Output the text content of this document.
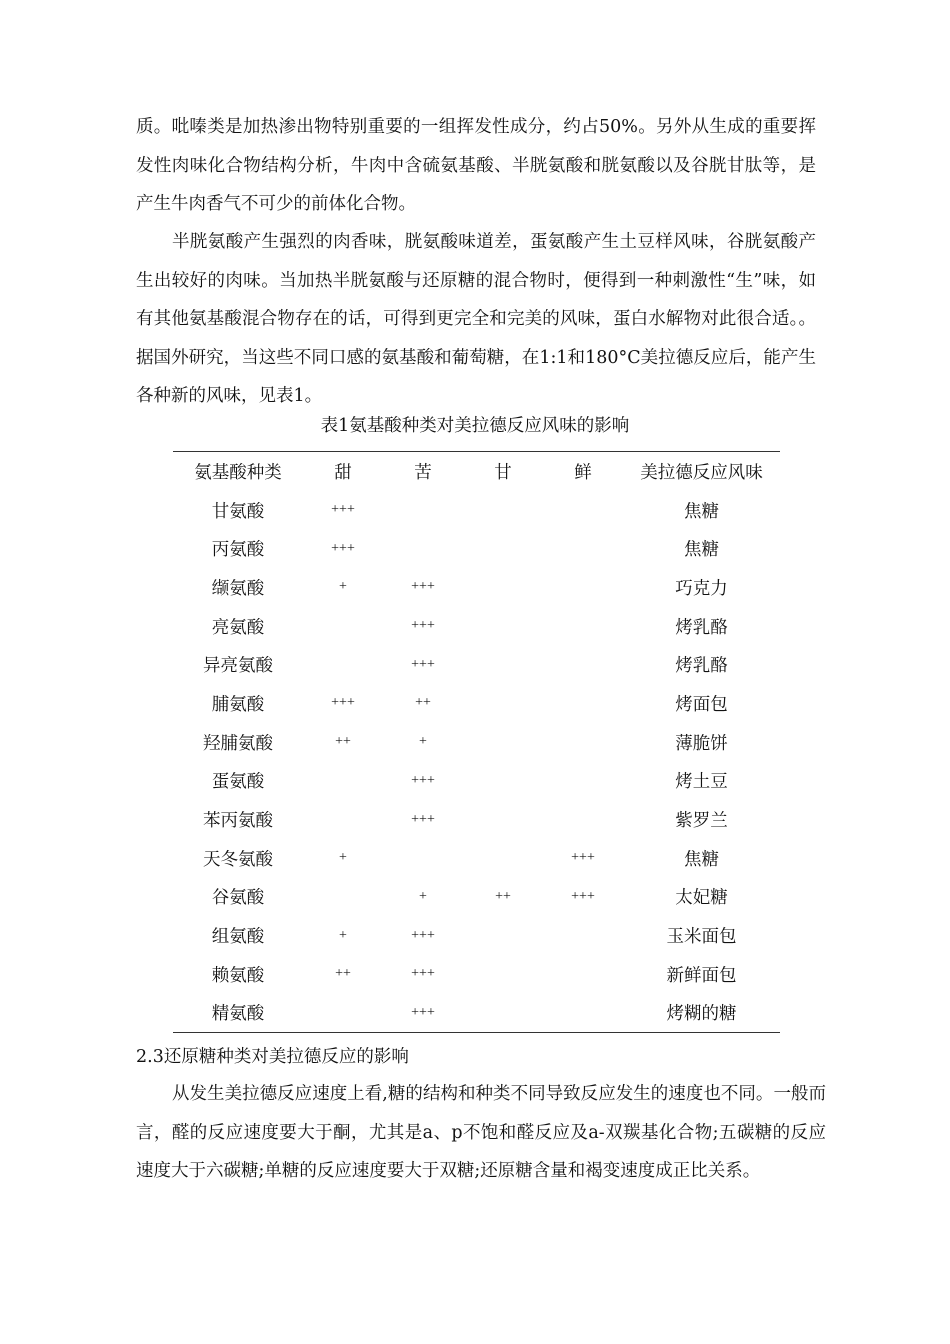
质。吡嗪类是加热渗出物特别重要的一组挥发性成分，约占50%。另外从生成的重要挥发性肉味化合物结构分析，牛肉中含硫氨基酸、半胱氨酸和胱氨酸以及谷胱甘肽等，是产生牛肉香气不可少的前体化合物。

半胱氨酸产生强烈的肉香味，胱氨酸味道差，蛋氨酸产生土豆样风味，谷胱氨酸产生出较好的肉味。当加热半胱氨酸与还原糖的混合物时，便得到一种刺激性“生”味，如有其他氨基酸混合物存在的话，可得到更完全和完美的风味，蛋白水解物对此很合适。。据国外研究，当这些不同口感的氨基酸和葡萄糖，在1:1和180°C美拉德反应后，能产生各种新的风味，见表1。

表1氨基酸种类对美拉德反应风味的影响
氨基酸种类	甜	苦	甘	鲜	美拉德反应风味
甘氨酸	+++				焦糖
丙氨酸	+++				焦糖
缬氨酸	+	+++			巧克力
亮氨酸		+++			烤乳酪
异亮氨酸		+++			烤乳酪
脯氨酸	+++	++			烤面包
羟脯氨酸	++	+			薄脆饼
蛋氨酸		+++			烤土豆
苯丙氨酸		+++			紫罗兰
天冬氨酸	+			+++	焦糖
谷氨酸		+	++	+++	太妃糖
组氨酸	+	+++			玉米面包
赖氨酸	++	+++			新鲜面包
精氨酸		+++			烤糊的糖

2.3还原糖种类对美拉德反应的影响

从发生美拉德反应速度上看,糖的结构和种类不同导致反应发生的速度也不同。一般而言，醛的反应速度要大于酮，尤其是a、p不饱和醛反应及a-双羰基化合物;五碳糖的反应速度大于六碳糖;单糖的反应速度要大于双糖;还原糖含量和褐变速度成正比关系。
